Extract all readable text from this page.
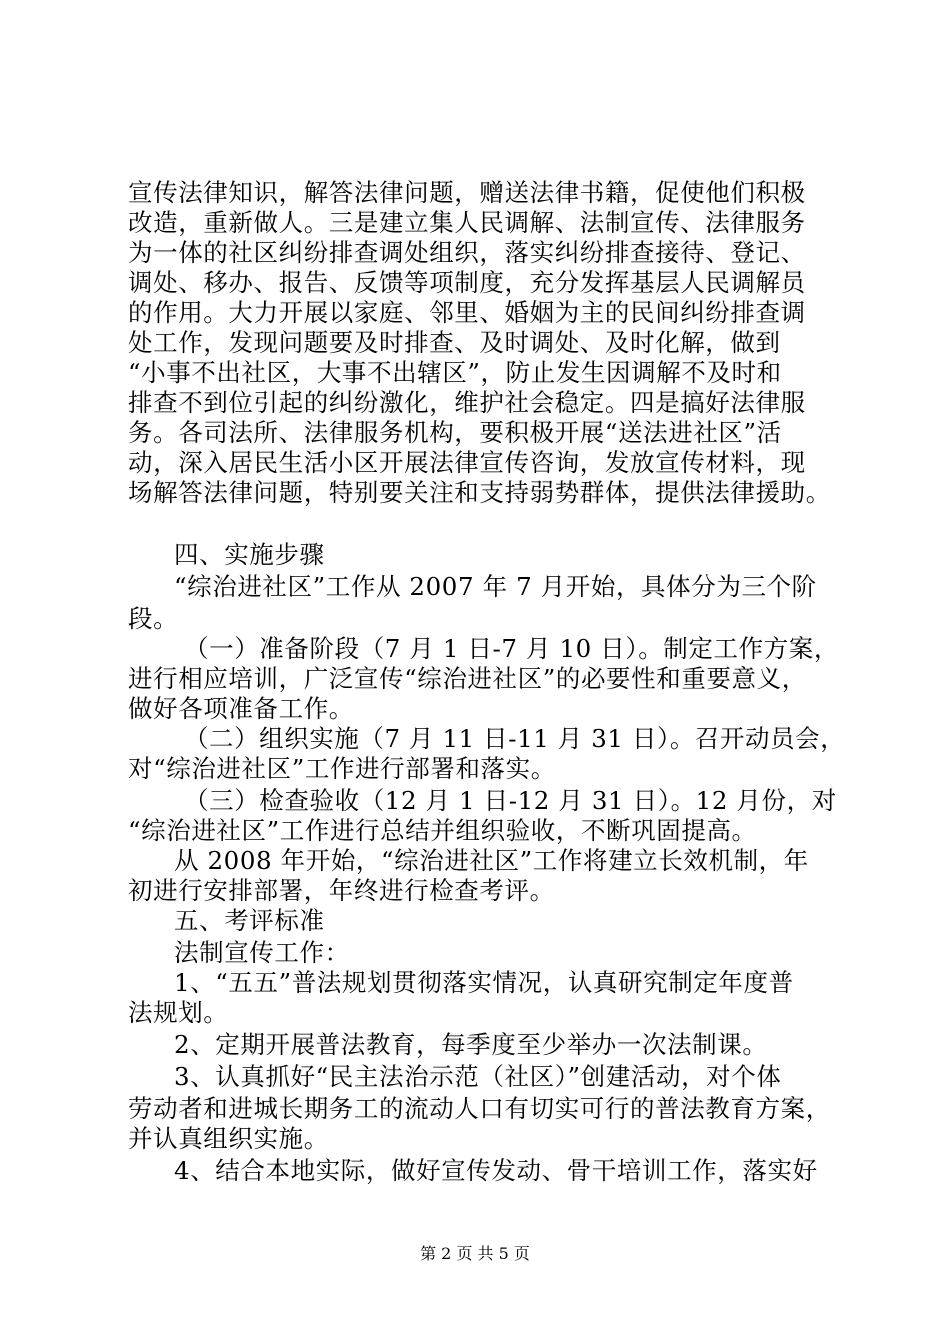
宣传法律知识，解答法律问题，赠送法律书籍，促使他们积极
改造，重新做人。三是建立集人民调解、法制宣传、法律服务
为一体的社区纠纷排查调处组织，落实纠纷排查接待、登记、
调处、移办、报告、反馈等项制度，充分发挥基层人民调解员
的作用。大力开展以家庭、邻里、婚姻为主的民间纠纷排查调
处工作，发现问题要及时排查、及时调处、及时化解，做到
“小事不出社区，大事不出辖区”，防止发生因调解不及时和
排查不到位引起的纠纷激化，维护社会稳定。四是搞好法律服
务。各司法所、法律服务机构，要积极开展“送法进社区”活
动，深入居民生活小区开展法律宣传咨询，发放宣传材料，现
场解答法律问题，特别要关注和支持弱势群体，提供法律援助。
四、实施步骤
“综治进社区”工作从 2007 年 7 月开始，具体分为三个阶
段。
（一）准备阶段（7 月 1 日-7 月 10 日）。制定工作方案，
进行相应培训，广泛宣传“综治进社区”的必要性和重要意义，
做好各项准备工作。
（二）组织实施（7 月 11 日-11 月 31 日）。召开动员会，
对“综治进社区”工作进行部署和落实。
（三）检查验收（12 月 1 日-12 月 31 日）。12 月份，对
“综治进社区”工作进行总结并组织验收，不断巩固提高。
从 2008 年开始，“综治进社区”工作将建立长效机制，年
初进行安排部署，年终进行检查考评。
五、考评标准
法制宣传工作：
1、“五五”普法规划贯彻落实情况，认真研究制定年度普
法规划。
2、定期开展普法教育，每季度至少举办一次法制课。
3、认真抓好“民主法治示范（社区）”创建活动，对个体
劳动者和进城长期务工的流动人口有切实可行的普法教育方案，
并认真组织实施。
4、结合本地实际，做好宣传发动、骨干培训工作，落实好
第 2 页 共 5 页
